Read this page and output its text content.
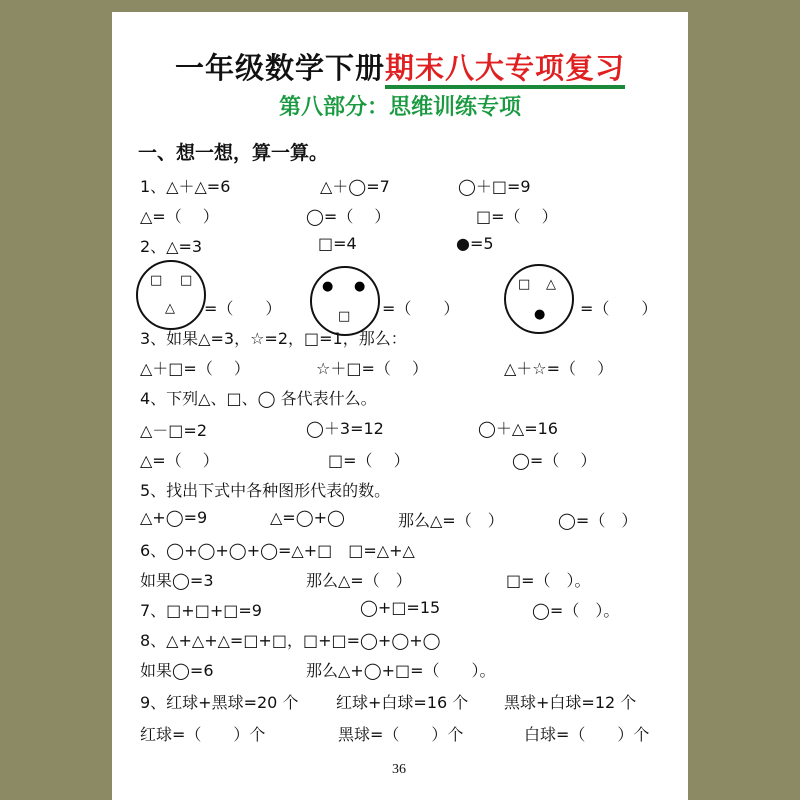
一年级数学下册期末八大专项复习
第八部分：思维训练专项
一、想一想，算一算。
1、△＋△=6	△＋◯=7	◯＋□=9
△=（　 ）	◯=（　 ）	□=（　 ）
2、△=3	□=4	●=5
□ □
△ =（　　）
● ●
□ =（　　）
□ △
● =（　　）
3、如果△=3，☆=2，□=1，那么：
△＋□=（　 ）	☆＋□=（　 ）	△＋☆=（　 ）
4、下列△、□、◯ 各代表什么。
△－□=2	◯＋3=12	◯＋△=16
△=（　 ）	□=（　 ）	◯=（　 ）
5、找出下式中各种图形代表的数。
△+◯=9	△=◯+◯	那么△=（　）	◯=（　）
6、◯+◯+◯+◯=△+□　□=△+△
如果◯=3	那么△=（　）	□=（　）。
7、□+□+□=9	◯+□=15	◯=（　）。
8、△+△+△=□+□，□+□=◯+◯+◯
如果◯=6	那么△+◯+□=（　　）。
9、红球+黑球=20 个 红球+白球=16 个 黑球+白球=12 个
红球=（　　）个	黑球=（　　）个	白球=（　　）个
36
